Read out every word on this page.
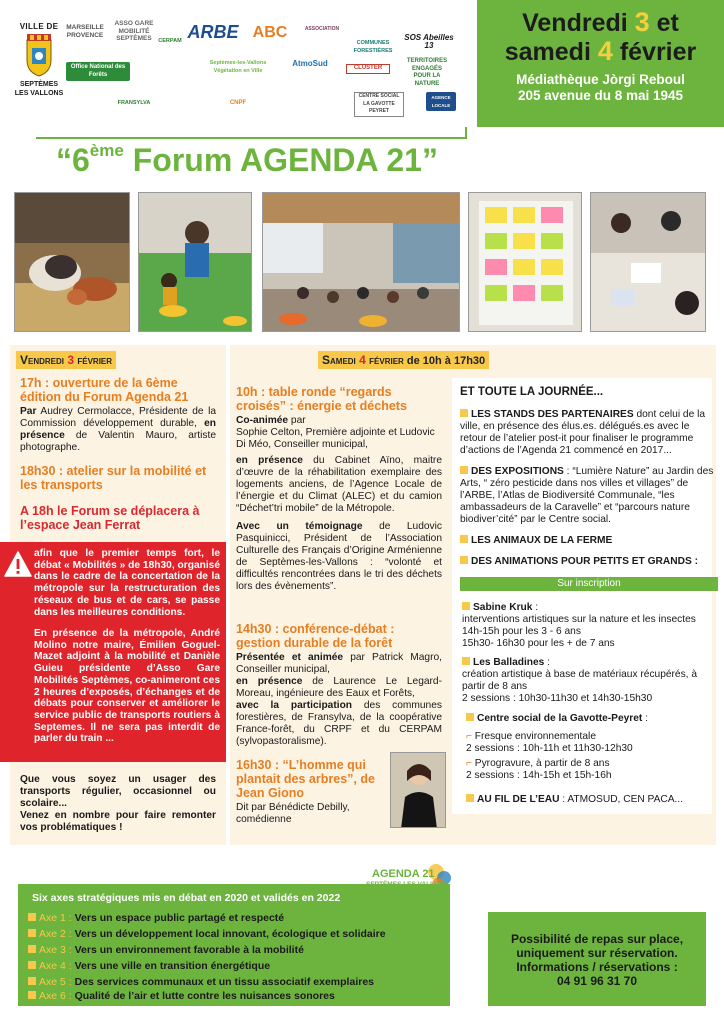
VILLE DE
SEPTÈMES
LES VALLONS
MARSEILLE PROVENCE
ASSO GARE MOBILITÉ SEPTÈMES	CERPAM ARBE ABC	ASSOCIATION
COMMUNES FORESTIÈRES
SOS Abeilles 13
Office National des Forêts
AtmoSud	CLUSTER
TERRITOIRES ENGAGÉS POUR LA NATURE
FRANSYLVA	CNPF
Septèmes-les-Vallons Végétation en Ville
CENTRE SOCIAL LA GAVOTTE PEYRET
AGENCE LOCALE
Vendredi 3 et
samedi 4 février
Médiathèque Jòrgi Reboul
205 avenue du 8 mai 1945
“6ème Forum AGENDA 21”
Vendredi 3 février
17h : ouverture de la 6ème édition du Forum Agenda 21
Par Audrey Cermolacce, Présidente de la Commission développement durable, en présence de Valentin Mauro, artiste photographe.
18h30 : atelier sur la mobilité et les transports
A 18h le Forum se déplacera à l’espace Jean Ferrat
afin que le premier temps fort, le débat « Mobilités » de 18h30, organisé dans le cadre de la concertation de la métropole sur la restructuration des réseaux de bus et de cars, se passe dans les meilleures conditions.
En présence de la métropole, André Molino notre maire, Émilien Goguel-Mazet adjoint à la mobilité et Danièle Guieu présidente d’Asso Gare Mobilités Septèmes, co-animeront ces 2 heures d’exposés, d’échanges et de débats pour conserver et améliorer le service public de transports routiers à Septemes. Il ne sera pas interdit de parler du train ...
Que vous soyez un usager des transports régulier, occasionnel ou scolaire...
Venez en nombre pour faire remonter vos problématiques !
Samedi 4 février de 10h à 17h30
10h : table ronde “regards croisés” : énergie et déchets
Co-animée par
Sophie Celton, Première adjointe et Ludovic Di Méo, Conseiller municipal,
en présence du Cabinet Aïno, maitre d’œuvre de la réhabilitation exemplaire des logements anciens, de l’Agence Locale de l’énergie et du Climat (ALEC) et du camion “Déchet’tri mobile” de la Métropole.
Avec un témoignage de Ludovic Pasquinicci, Président de l’Association Culturelle des Français d’Origine Arménienne de Septèmes-les-Vallons : “volonté et difficultés rencontrées dans le tri des déchets lors des évènements”.
14h30 : conférence-débat : gestion durable de la forêt
Présentée et animée par Patrick Magro, Conseiller municipal,
en présence de Laurence Le Legard-Moreau, ingénieure des Eaux et Forêts,
avec la participation des communes forestières, de Fransylva, de la coopérative France-forêt, du CRPF et du CERPAM (sylvopastoralisme).
16h30 : “L’homme qui plantait des arbres”, de Jean Giono
Dit par Bénédicte Debilly, comédienne
ET TOUTE LA JOURNÉE...
LES STANDS DES PARTENAIRES dont celui de la ville, en présence des élus.es. délégués.es avec le retour de l’atelier post-it pour finaliser le programme d’actions de l’Agenda 21 commencé en 2017...
DES EXPOSITIONS : “Lumière Nature” au Jardin des Arts, “ zéro pesticide dans nos villes et villages” de l’ARBE, l’Atlas de Biodiversité Communale, “les ambassadeurs de la Caravelle” et “parcours nature biodiver’cité” par le Centre social.
LES ANIMAUX DE LA FERME
DES ANIMATIONS POUR PETITS ET GRANDS :
Sur inscription
Sabine Kruk :
interventions artistiques sur la nature et les insectes
14h-15h pour les 3 - 6 ans
15h30- 16h30 pour les + de 7 ans
Les Balladines :
création artistique à base de matériaux récupérés, à partir de 8 ans
2 sessions : 10h30-11h30 et 14h30-15h30
Centre social de la Gavotte-Peyret :
⌐ Fresque environnementale
2 sessions : 10h-11h et 11h30-12h30
⌐ Pyrogravure, à partir de 8 ans
2 sessions : 14h-15h et 15h-16h
AU FIL DE L’EAU : ATMOSUD, CEN PACA...
AGENDA 21
Six axes stratégiques mis en débat en 2020 et validés en 2022
Axe 1 : Vers un espace public partagé et respecté
Axe 2 : Vers un développement local innovant, écologique et solidaire
Axe 3 : Vers un environnement favorable à la mobilité
Axe 4 : Vers une ville en transition énergétique
Axe 5 : Des services communaux et un tissu associatif exemplaires
Axe 6 : Qualité de l’air et lutte contre les nuisances sonores
Possibilité de repas sur place,
uniquement sur réservation.
Informations / réservations :
04 91 96 31 70
